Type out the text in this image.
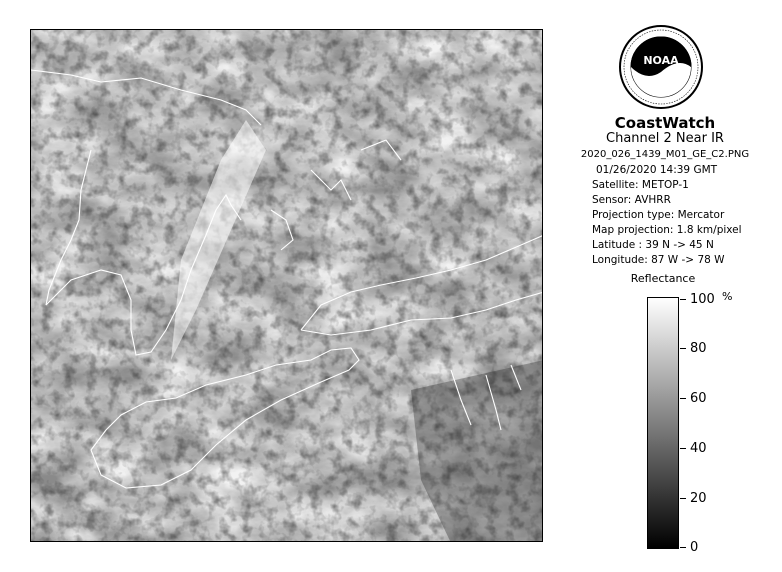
NOAA
CoastWatch
Channel 2 Near IR
2020_026_1439_M01_GE_C2.PNG
01/26/2020 14:39 GMT
Satellite: METOP-1
Sensor: AVHRR
Projection type: Mercator
Map projection: 1.8 km/pixel
Latitude : 39 N -> 45 N
Longitude: 87 W -> 78 W
Reflectance
%
100
80
60
40
20
0
